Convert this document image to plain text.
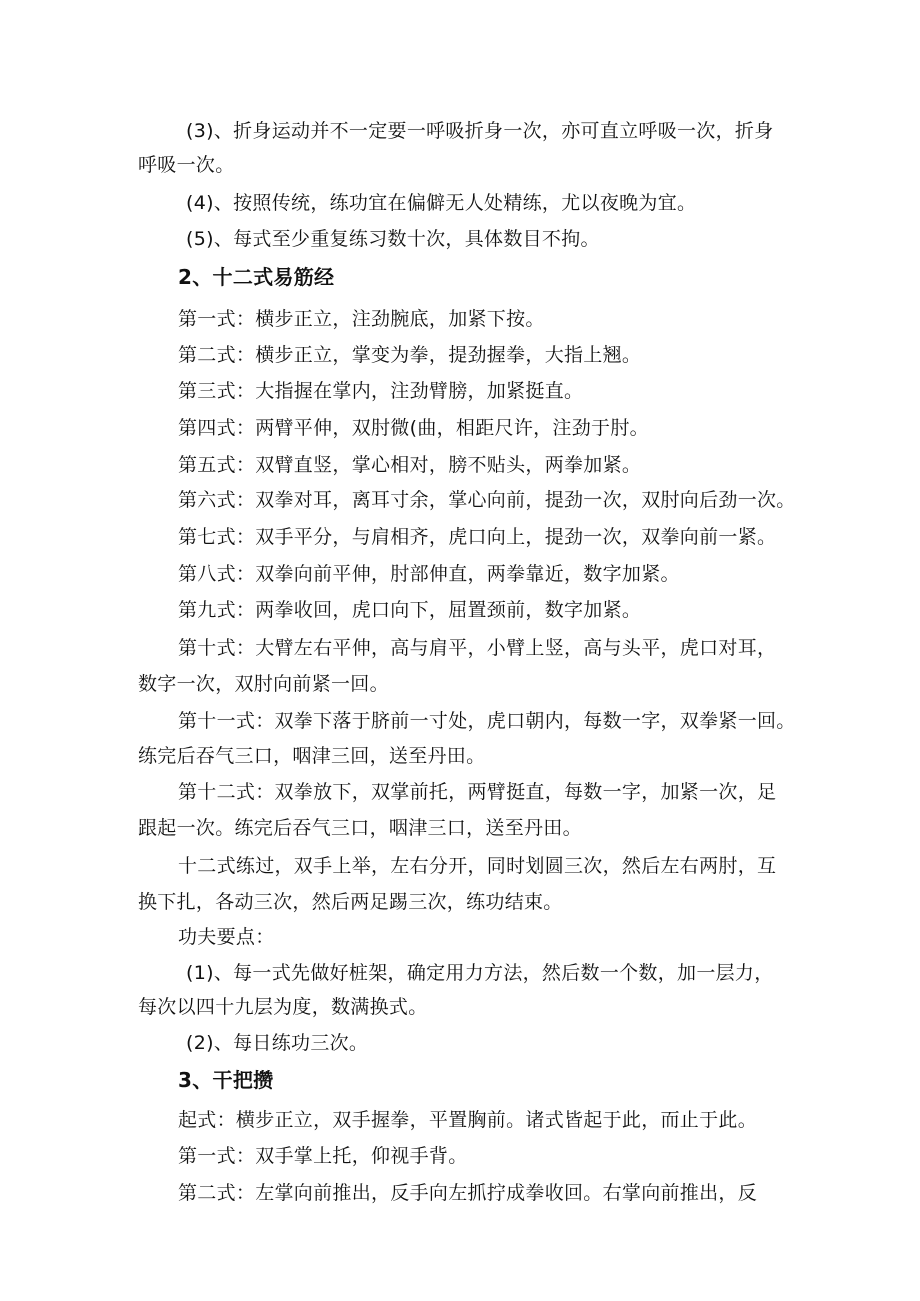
(3)、折身运动并不一定要一呼吸折身一次，亦可直立呼吸一次，折身
呼吸一次。
(4)、按照传统，练功宜在偏僻无人处精练，尤以夜晚为宜。
(5)、每式至少重复练习数十次，具体数目不拘。
2、十二式易筋经
第一式：横步正立，注劲腕底，加紧下按。
第二式：横步正立，掌变为拳，提劲握拳，大指上翘。
第三式：大指握在掌内，注劲臂膀，加紧挺直。
第四式：两臂平伸，双肘微(曲，相距尺许，注劲于肘。
第五式：双臂直竖，掌心相对，膀不贴头，两拳加紧。
第六式：双拳对耳，离耳寸余，掌心向前，提劲一次，双肘向后劲一次。
第七式：双手平分，与肩相齐，虎口向上，提劲一次，双拳向前一紧。
第八式：双拳向前平伸，肘部伸直，两拳靠近，数字加紧。
第九式：两拳收回，虎口向下，屈置颈前，数字加紧。
第十式：大臂左右平伸，高与肩平，小臂上竖，高与头平，虎口对耳，
数字一次，双肘向前紧一回。
第十一式：双拳下落于脐前一寸处，虎口朝内，每数一字，双拳紧一回。
练完后吞气三口，咽津三回，送至丹田。
第十二式：双拳放下，双掌前托，两臂挺直，每数一字，加紧一次，足
跟起一次。练完后吞气三口，咽津三口，送至丹田。
十二式练过，双手上举，左右分开，同时划圆三次，然后左右两肘，互
换下扎，各动三次，然后两足踢三次，练功结束。
功夫要点：
(1)、每一式先做好桩架，确定用力方法，然后数一个数，加一层力，
每次以四十九层为度，数满换式。
(2)、每日练功三次。
3、干把攒
起式：横步正立，双手握拳，平置胸前。诸式皆起于此，而止于此。
第一式：双手掌上托，仰视手背。
第二式：左掌向前推出，反手向左抓拧成拳收回。右掌向前推出，反
